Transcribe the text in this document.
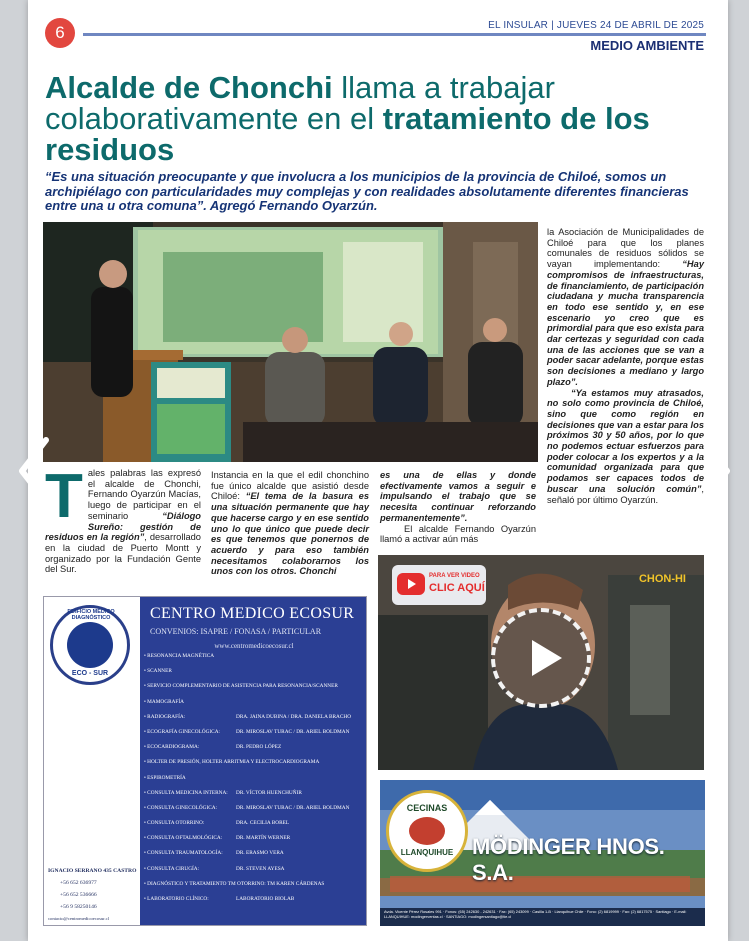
6	EL INSULAR | JUEVES 24 DE ABRIL DE 2025
MEDIO AMBIENTE
Alcalde de Chonchi llama a trabajar colaborativamente en el tratamiento de los residuos

“Es una situación preocupante y que involucra a los municipios de la provincia de Chiloé, somos un archipiélago con particularidades muy complejas y con realidades absolutamente diferentes financieras entre una u otra comuna”. Agregó Fernando Oyarzún.

Tales palabras las expresó el alcalde de Chonchi, Fernando Oyarzún Macías, luego de participar en el seminario “Diálogo Sureño: gestión de residuos en la región”, desarrollado en la ciudad de Puerto Montt y organizado por la Fundación Gente del Sur.
Instancia en la que el edil chonchino fue único alcalde que asistió desde Chiloé: “El tema de la basura es una situación permanente que hay que hacerse cargo y en ese sentido uno lo que único que puede decir es que tenemos que ponernos de acuerdo y para eso también necesitamos colaborarnos los unos con los otros. Chonchi
es una de ellas y donde efectivamente vamos a seguir e impulsando el trabajo que se necesita continuar reforzando permanentemente”.
El alcalde Fernando Oyarzún llamó a activar aún más
la Asociación de Municipalidades de Chiloé para que los planes comunales de residuos sólidos se vayan implementando: “Hay compromisos de infraestructuras, de financiamiento, de participación ciudadana y mucha transparencia en todo ese sentido y, en ese escenario yo creo que es primordial para que eso exista para dar certezas y seguridad con cada una de las acciones que se van a poder sacar adelante, porque estas son decisiones a mediano y largo plazo”.
“Ya estamos muy atrasados, no solo como provincia de Chiloé, sino que como región en decisiones que van a estar para los próximos 30 y 50 años, por lo que no podemos ectuar esfuerzos para poder colocar a los expertos y a la comunidad organizada para que podamos ser capaces todos de buscar una solución común”, señaló por último Oyarzún.
EDIFICIO MÉDICO DIAGNÓSTICO
ECO - SUR
CENTRO MEDICO ECOSUR
CONVENIOS: ISAPRE / FONASA / PARTICULAR
www.centromedicoecosur.cl
• RESONANCIA MAGNÉTICA
• SCANNER
• SERVICIO COMPLEMENTARIO DE ASISTENCIA PARA RESONANCIA/SCANNER
• MAMOGRAFÍA
• RADIOGRAFÍA:	DRA. JAINA DUBINA / DRA. DANIELA BRACHO
• ECOGRAFÍA GINECOLÓGICA:	DR. MIROSLAV TURAC / DR. ARIEL BOLDMAN
• ECOCARDIOGRAMA:	DR. PEDRO LÓPEZ
• HOLTER DE PRESIÓN, HOLTER ARRITMIA Y ELECTROCARDIOGRAMA
• ESPIROMETRÍA
• CONSULTA MEDICINA INTERNA: DR. VÍCTOR HUENCHUÑIR
• CONSULTA GINECOLÓGICA:	DR. MIROSLAV TURAC / DR. ARIEL BOLDMAN
• CONSULTA OTORRINO:	DRA. CECILIA BOREL
• CONSULTA OFTALMOLÓGICA:	DR. MARTÍN WERNER
• CONSULTA TRAUMATOLOGÍA:	DR. ERASMO VERA
• CONSULTA CIRUGÍA:	DR. STEVEN AYESA
• DIAGNÓSTICO Y TRATAMIENTO TM OTORRINO: TM KAREN CÁRDENAS
• LABORATORIO CLÍNICO:	LABORATORIO BIOLAB
IGNACIO SERRANO 435 CASTRO
+56 652 636977
+56 652 536666
+56 9 58250146
contacto@centromedicoecosur.cl
PARA VER VIDEO
CLIC AQUÍ
CHON-HI
CECINAS
LLANQUIHUE MÖDINGER HNOS. S.A.
Avda. Vicente Pérez Rosales 991 · Fonos: (65) 242630 - 242631 · Fax: (65) 243099 · Casilla 1-B · Llanquihue Chile · Fono: (2) 6819999 · Fax: (2) 6817575 · Santiago · E-mail: LLANQUIHUE: modingerventas.cl · SANTIAGO: modingersantiago@tie.cl
